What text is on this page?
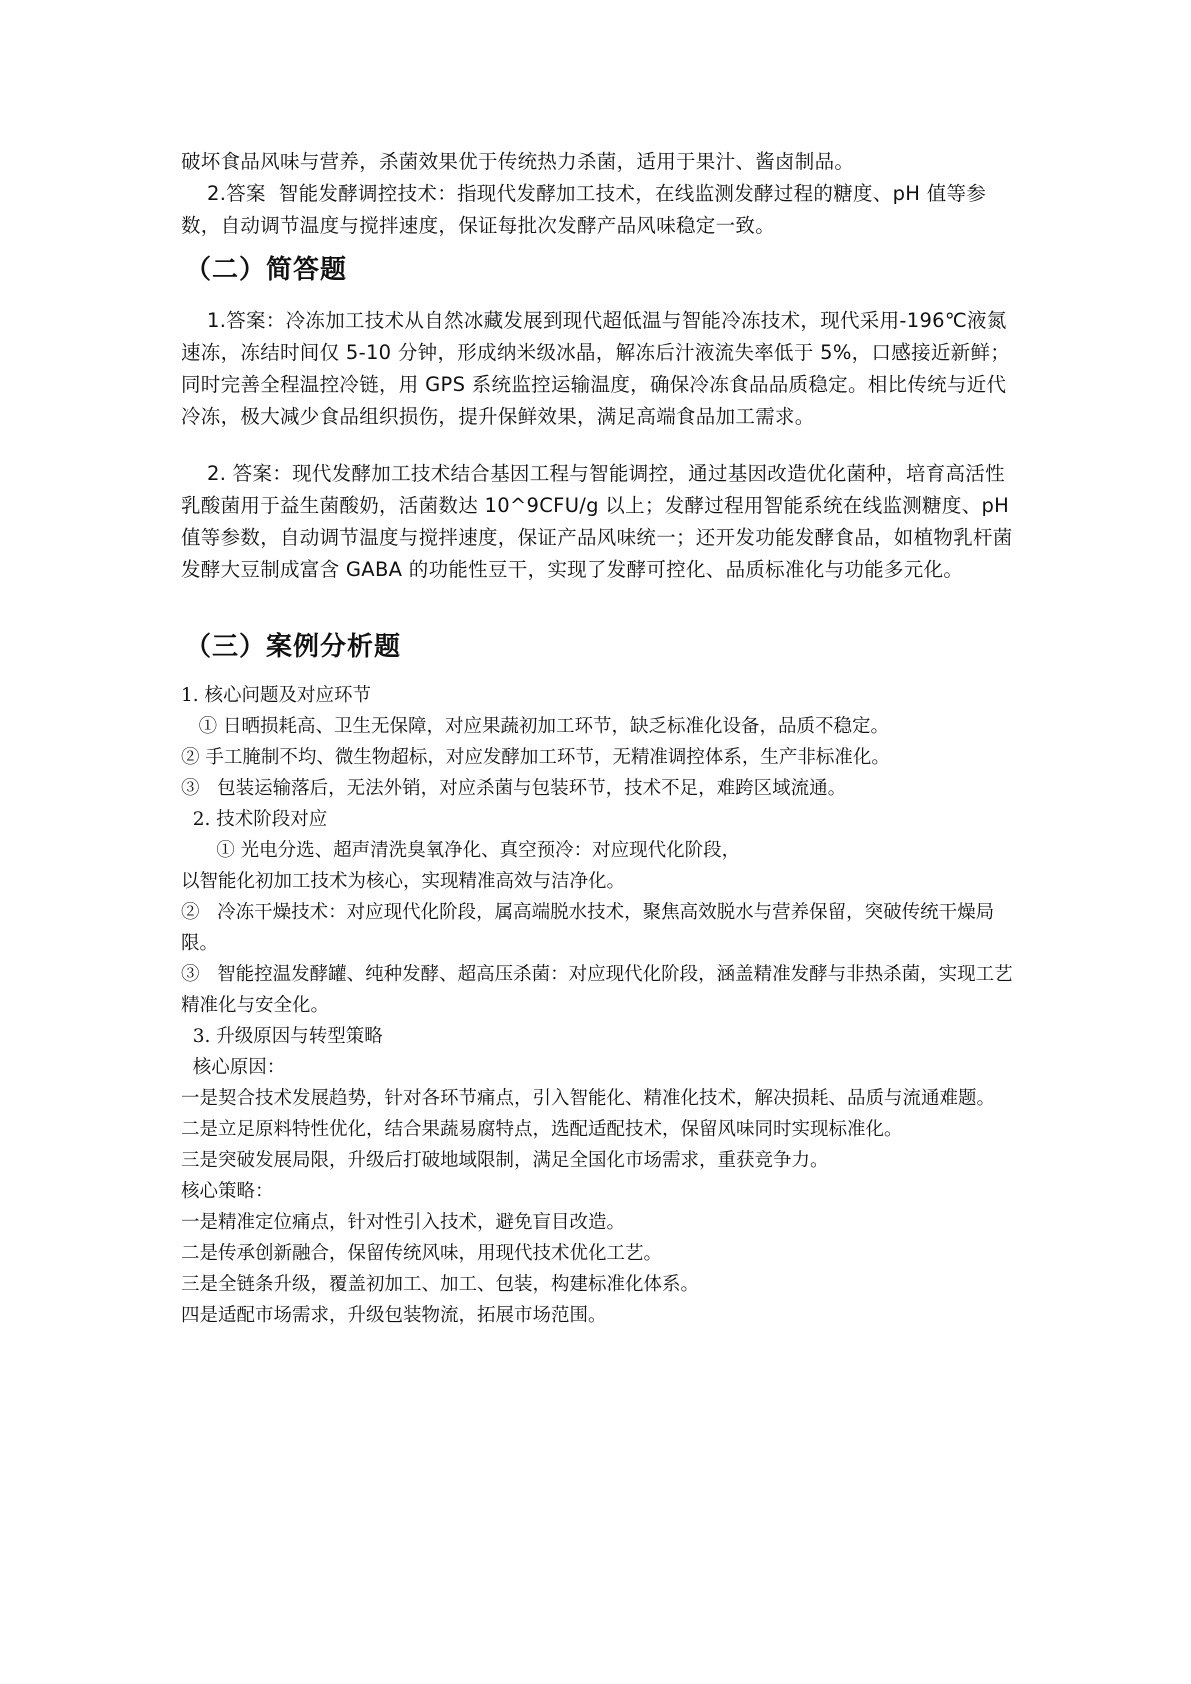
破坏食品风味与营养，杀菌效果优于传统热力杀菌，适用于果汁、酱卤制品。
2.答案  智能发酵调控技术：指现代发酵加工技术，在线监测发酵过程的糖度、pH 值等参数，自动调节温度与搅拌速度，保证每批次发酵产品风味稳定一致。

（二）简答题

1.答案：冷冻加工技术从自然冰藏发展到现代超低温与智能冷冻技术，现代采用-196℃液氮速冻，冻结时间仅 5-10 分钟，形成纳米级冰晶，解冻后汁液流失率低于 5%，口感接近新鲜；同时完善全程温控冷链，用 GPS 系统监控运输温度，确保冷冻食品品质稳定。相比传统与近代冷冻，极大减少食品组织损伤，提升保鲜效果，满足高端食品加工需求。

2. 答案：现代发酵加工技术结合基因工程与智能调控，通过基因改造优化菌种，培育高活性乳酸菌用于益生菌酸奶，活菌数达 10^9CFU/g 以上；发酵过程用智能系统在线监测糖度、pH 值等参数，自动调节温度与搅拌速度，保证产品风味统一；还开发功能发酵食品，如植物乳杆菌发酵大豆制成富含 GABA 的功能性豆干，实现了发酵可控化、品质标准化与功能多元化。

（三）案例分析题

1. 核心问题及对应环节
① 日晒损耗高、卫生无保障，对应果蔬初加工环节，缺乏标准化设备，品质不稳定。
② 手工腌制不均、微生物超标，对应发酵加工环节，无精准调控体系，生产非标准化。
③   包装运输落后，无法外销，对应杀菌与包装环节，技术不足，难跨区域流通。
2. 技术阶段对应
① 光电分选、超声清洗臭氧净化、真空预冷：对应现代化阶段，
以智能化初加工技术为核心，实现精准高效与洁净化。
②   冷冻干燥技术：对应现代化阶段，属高端脱水技术，聚焦高效脱水与营养保留，突破传统干燥局限。
③   智能控温发酵罐、纯种发酵、超高压杀菌：对应现代化阶段，涵盖精准发酵与非热杀菌，实现工艺精准化与安全化。
3. 升级原因与转型策略
核心原因：
一是契合技术发展趋势，针对各环节痛点，引入智能化、精准化技术，解决损耗、品质与流通难题。
二是立足原料特性优化，结合果蔬易腐特点，选配适配技术，保留风味同时实现标准化。
三是突破发展局限，升级后打破地域限制，满足全国化市场需求，重获竞争力。
核心策略：
一是精准定位痛点，针对性引入技术，避免盲目改造。
二是传承创新融合，保留传统风味，用现代技术优化工艺。
三是全链条升级，覆盖初加工、加工、包装，构建标准化体系。
四是适配市场需求，升级包装物流，拓展市场范围。
